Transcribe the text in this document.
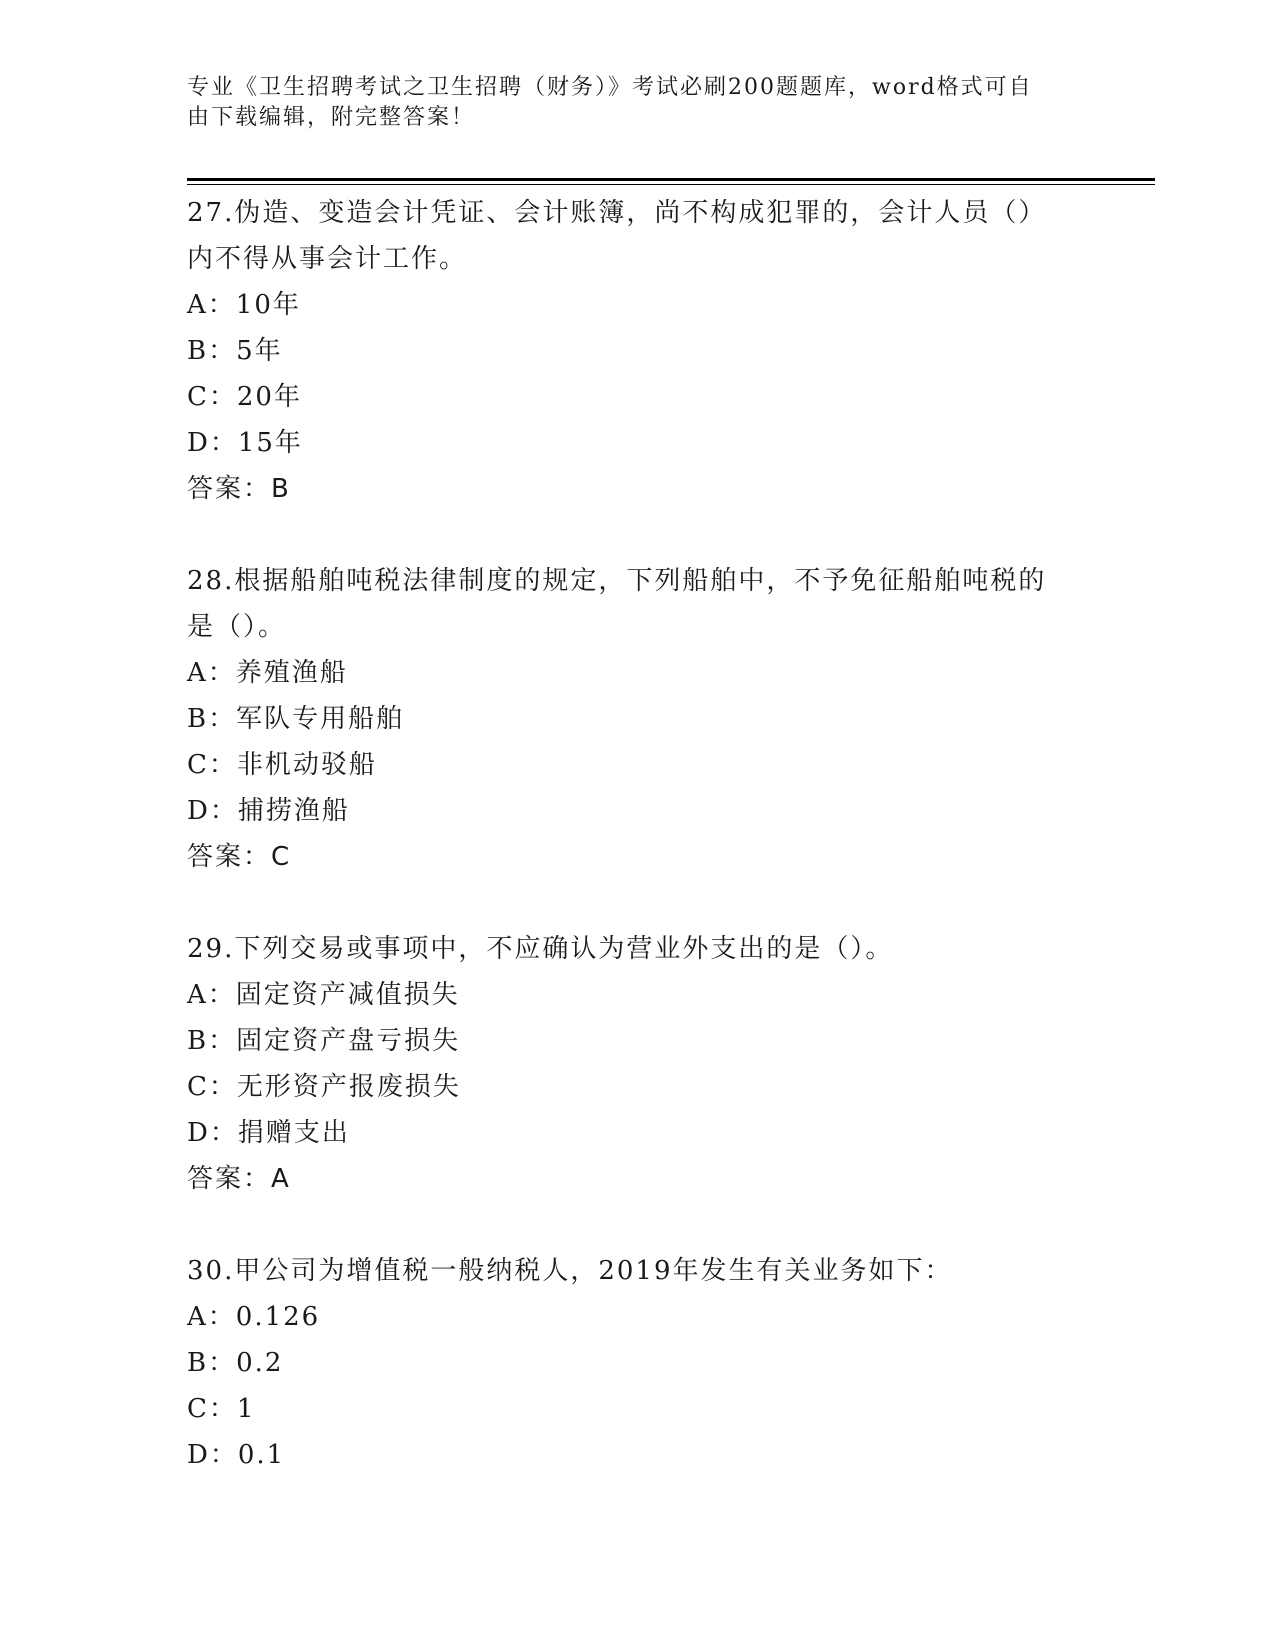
专业《卫生招聘考试之卫生招聘（财务）》考试必刷200题题库，word格式可自
由下载编辑，附完整答案！
27.伪造、变造会计凭证、会计账簿，尚不构成犯罪的，会计人员（）
内不得从事会计工作。
A：10年
B：5年
C：20年
D：15年
答案：B
28.根据船舶吨税法律制度的规定，下列船舶中，不予免征船舶吨税的
是（）。
A：养殖渔船
B：军队专用船舶
C：非机动驳船
D：捕捞渔船
答案：C
29.下列交易或事项中，不应确认为营业外支出的是（）。
A：固定资产减值损失
B：固定资产盘亏损失
C：无形资产报废损失
D：捐赠支出
答案：A
30.甲公司为增值税一般纳税人，2019年发生有关业务如下：
A：0.126
B：0.2
C：1
D：0.1
